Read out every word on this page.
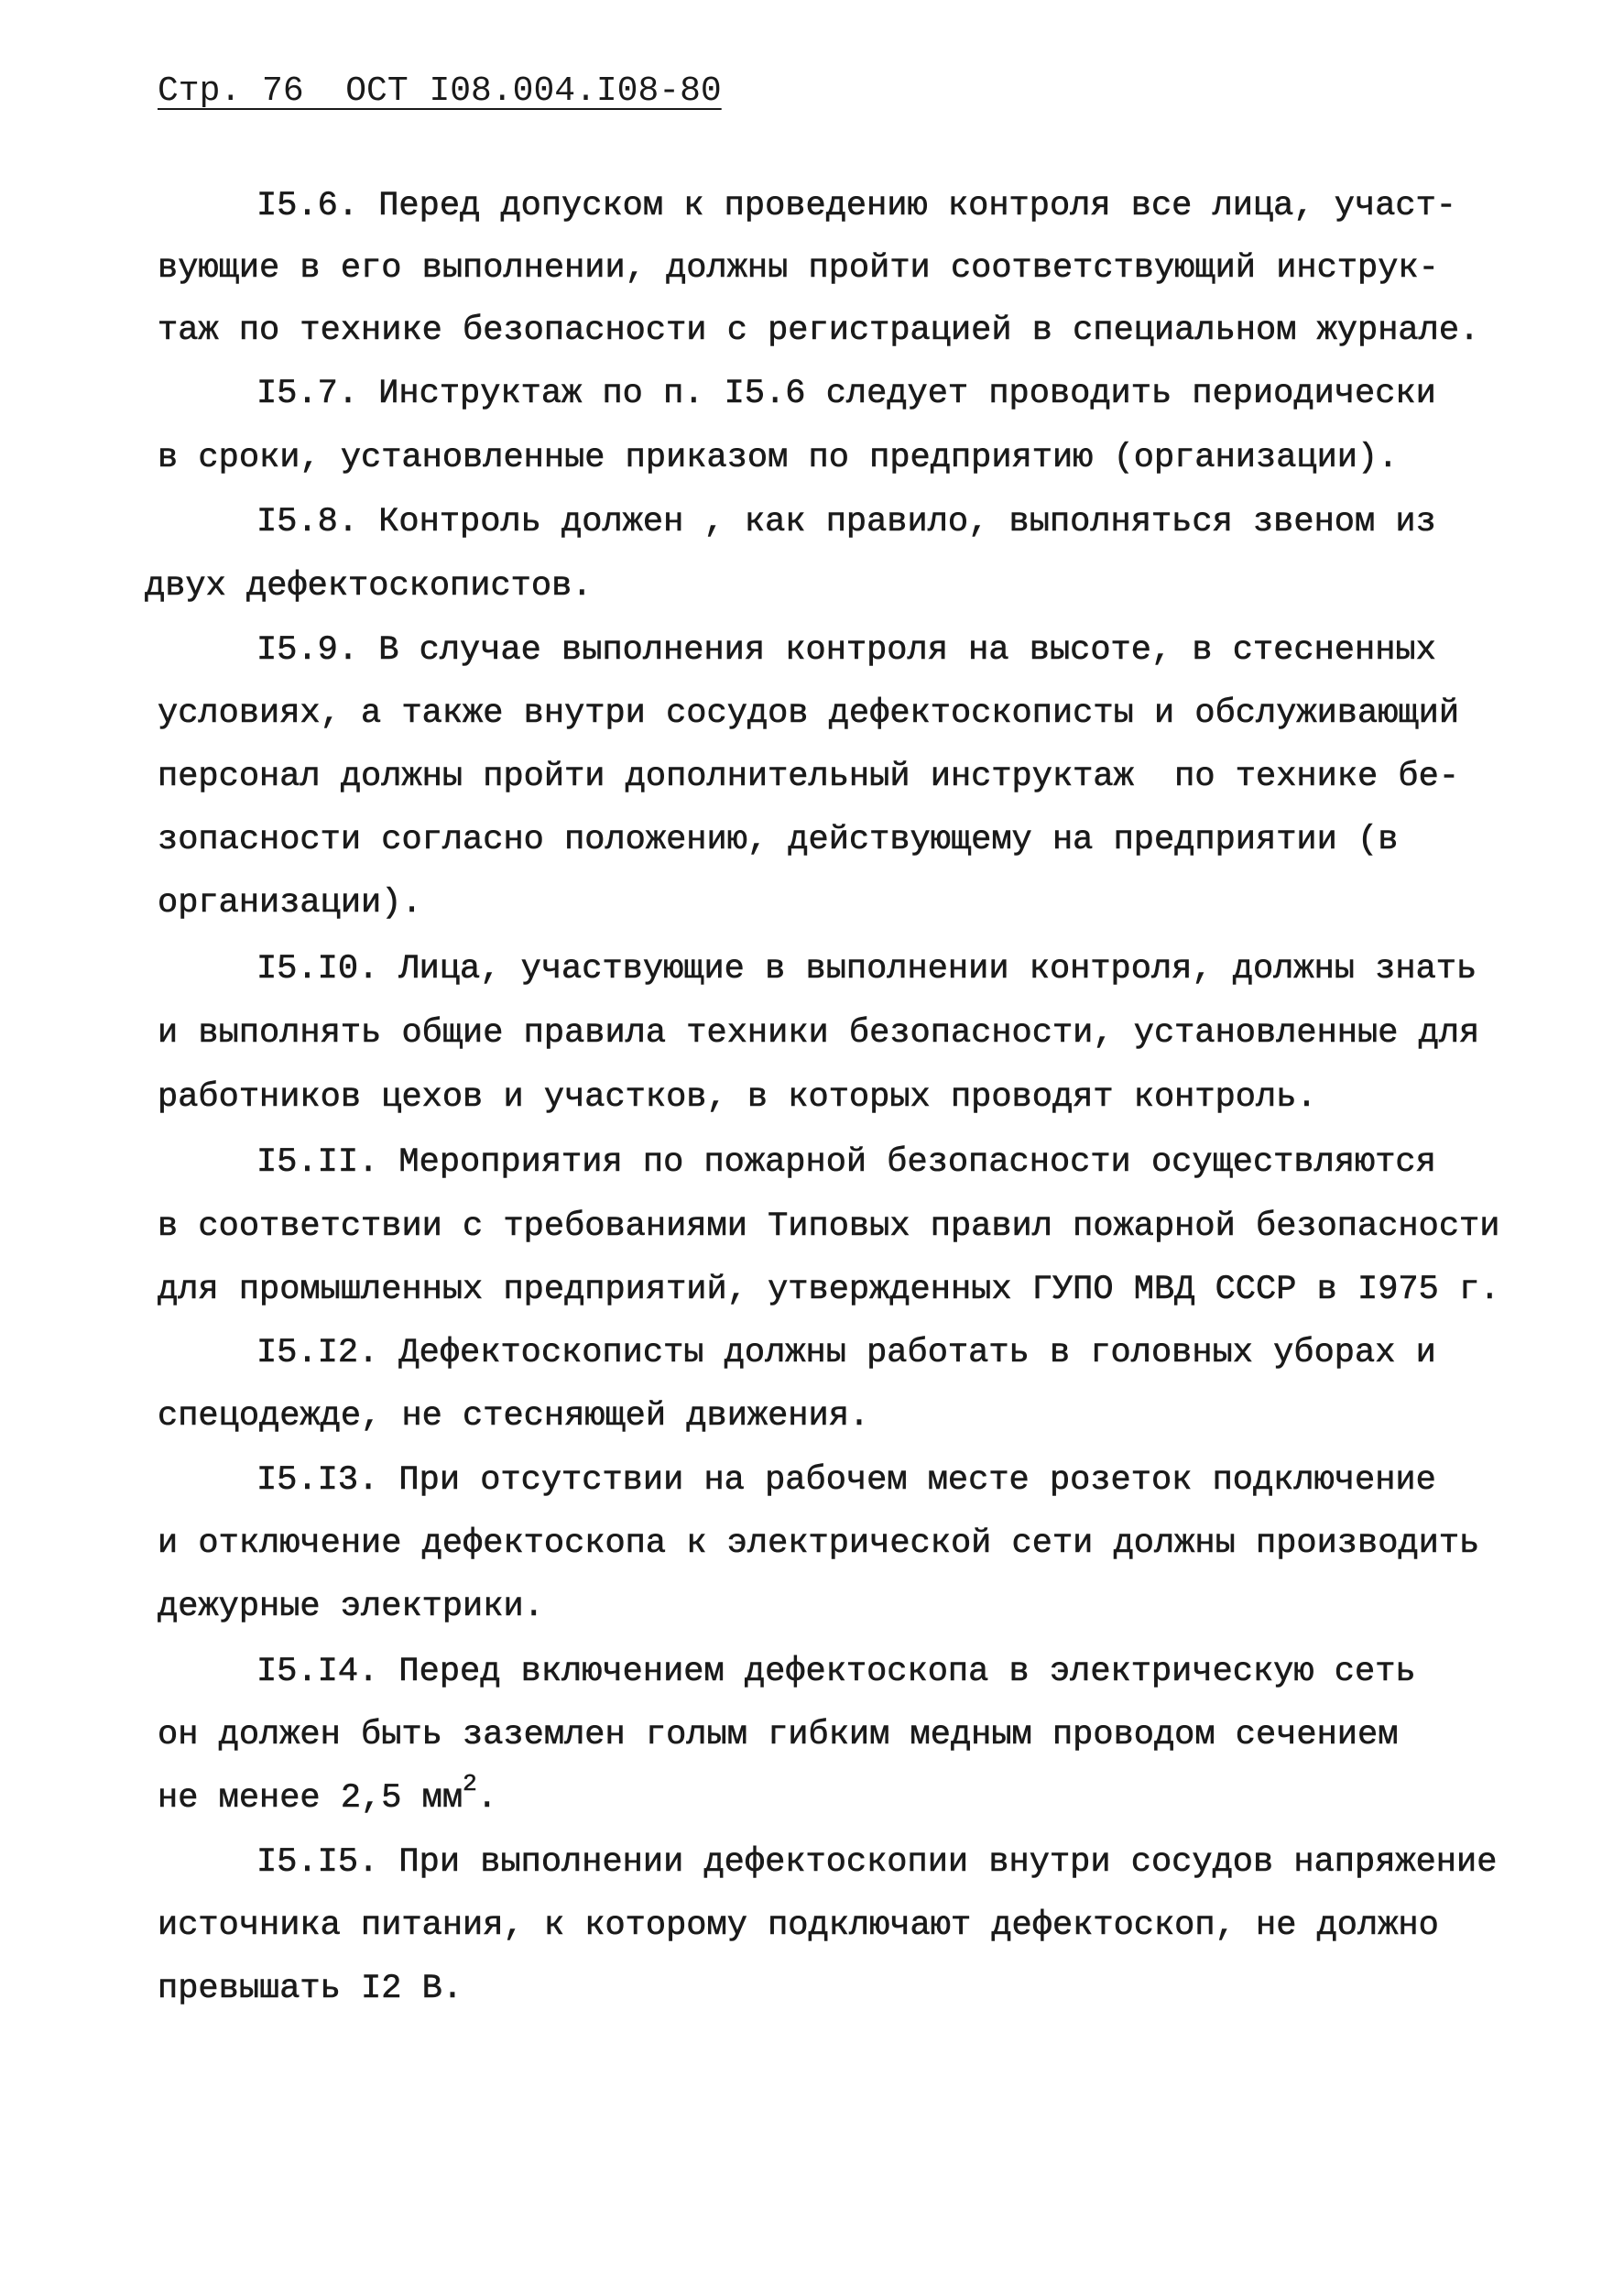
Стр. 76  ОСТ I08.004.I08-80
I5.6. Перед допуском к проведению контроля все лица, участ-
вующие в его выполнении, должны пройти соответствующий инструк-
таж по технике безопасности с регистрацией в специальном журнале.
I5.7. Инструктаж по п. I5.6 следует проводить периодически
в сроки, установленные приказом по предприятию (организации).
I5.8. Контроль должен , как правило, выполняться звеном из
двух дефектоскопистов.
I5.9. В случае выполнения контроля на высоте, в стесненных
условиях, а также внутри сосудов дефектоскописты и обслуживающий
персонал должны пройти дополнительный инструктаж  по технике бе-
зопасности согласно положению, действующему на предприятии (в
организации).
I5.I0. Лица, участвующие в выполнении контроля, должны знать
и выполнять общие правила техники безопасности, установленные для
работников цехов и участков, в которых проводят контроль.
I5.II. Мероприятия по пожарной безопасности осуществляются
в соответствии с требованиями Типовых правил пожарной безопасности
для промышленных предприятий, утвержденных ГУПО МВД СССР в I975 г.
I5.I2. Дефектоскописты должны работать в головных уборах и
спецодежде, не стесняющей движения.
I5.I3. При отсутствии на рабочем месте розеток подключение
и отключение дефектоскопа к электрической сети должны производить
дежурные электрики.
I5.I4. Перед включением дефектоскопа в электрическую сеть
он должен быть заземлен голым гибким медным проводом сечением
не менее 2,5 $мм^2$.
I5.I5. При выполнении дефектоскопии внутри сосудов напряжение
источника питания, к которому подключают дефектоскоп, не должно
превышать I2 В.
